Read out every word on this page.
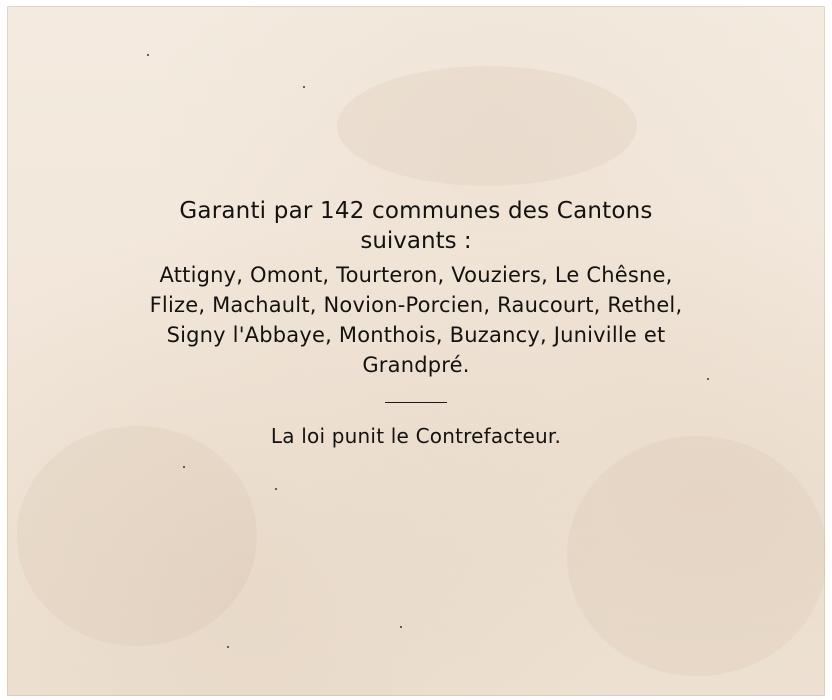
Garanti par 142 communes des Cantons

suivants :

Attigny, Omont, Tourteron, Vouziers, Le Chêsne,

Flize, Machault, Novion-Porcien, Raucourt, Rethel,

Signy l'Abbaye, Monthois, Buzancy, Juniville et

Grandpré.

La loi punit le Contrefacteur.
